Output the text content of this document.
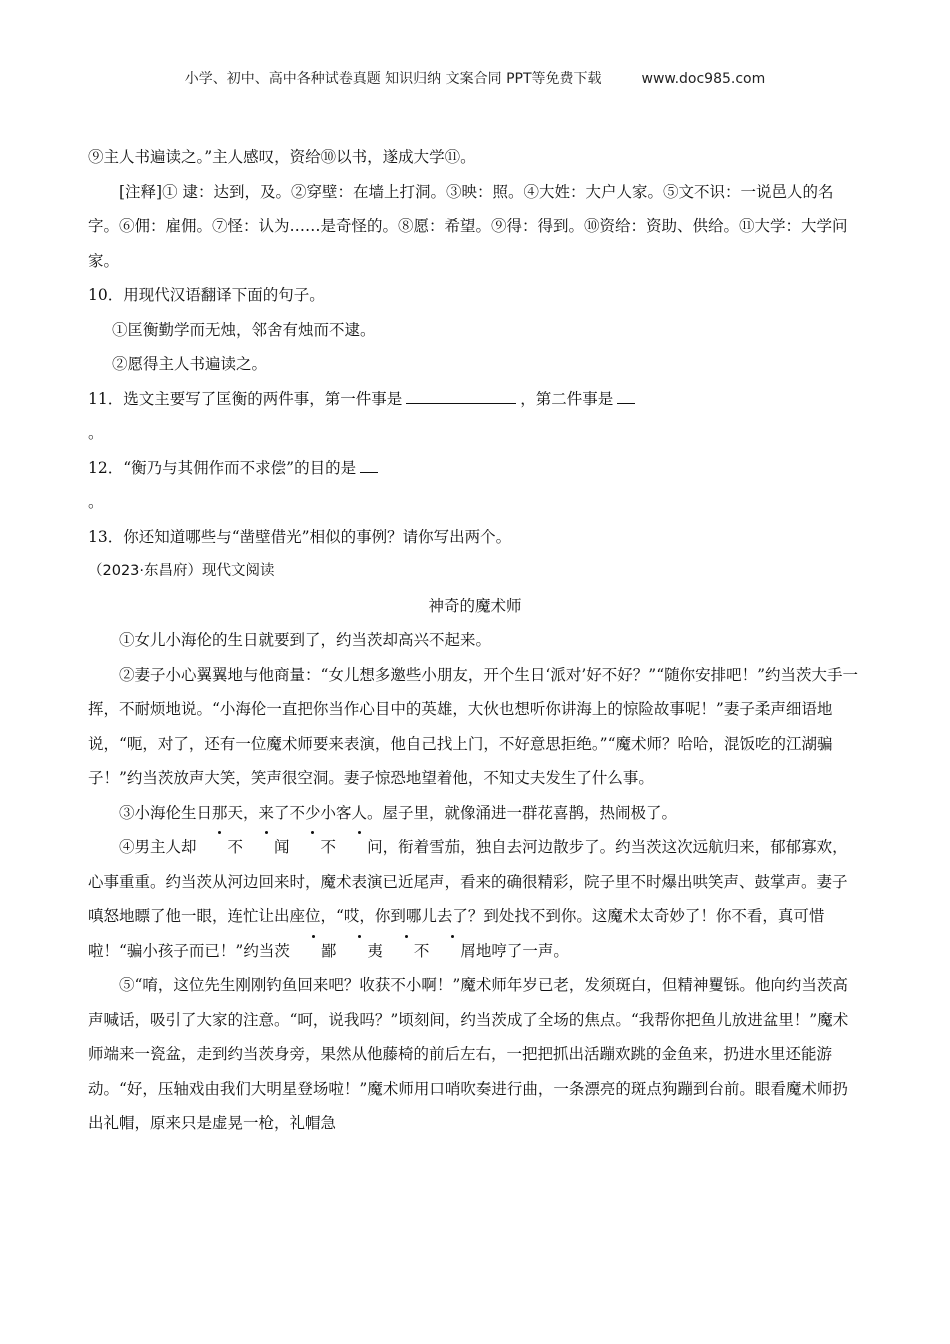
小学、初中、高中各种试卷真题 知识归纳 文案合同 PPT等免费下载	www.doc985.com

⑨主人书遍读之。”主人感叹，资给⑩以书，遂成大学⑪。

[注释]① 逮：达到，及。②穿壁：在墙上打洞。③映：照。④大姓：大户人家。⑤文不识：一说邑人的名字。⑥佣：雇佣。⑦怪：认为……是奇怪的。⑧愿：希望。⑨得：得到。⑩资给：资助、供给。⑪大学：大学问家。

10．用现代汉语翻译下面的句子。

①匡衡勤学而无烛，邻舍有烛而不逮。

②愿得主人书遍读之。

11．选文主要写了匡衡的两件事，第一件事是	，第二件事是

。

12．“衡乃与其佣作而不求偿”的目的是

。

13．你还知道哪些与“凿壁借光”相似的事例？请你写出两个。

（2023·东昌府）现代文阅读

神奇的魔术师

①女儿小海伦的生日就要到了，约当茨却高兴不起来。

②妻子小心翼翼地与他商量：“女儿想多邀些小朋友，开个生日‘派对’好不好？”“随你安排吧！”约当茨大手一挥，不耐烦地说。“小海伦一直把你当作心目中的英雄，大伙也想听你讲海上的惊险故事呢！”妻子柔声细语地说，“呃，对了，还有一位魔术师要来表演，他自己找上门，不好意思拒绝。”“魔术师？哈哈，混饭吃的江湖骗子！”约当茨放声大笑，笑声很空洞。妻子惊恐地望着他，不知丈夫发生了什么事。

③小海伦生日那天，来了不少小客人。屋子里，就像涌进一群花喜鹊，热闹极了。

④男主人却 不 闻 不 问，衔着雪茄，独自去河边散步了。约当茨这次远航归来，郁郁寡欢，心事重重。约当茨从河边回来时，魔术表演已近尾声，看来的确很精彩，院子里不时爆出哄笑声、鼓掌声。妻子嗔怒地瞟了他一眼，连忙让出座位，“哎，你到哪儿去了？到处找不到你。这魔术太奇妙了！你不看，真可惜啦！“骗小孩子而已！”约当茨 鄙 夷 不 屑地哼了一声。

⑤“唷，这位先生刚刚钓鱼回来吧？收获不小啊！”魔术师年岁已老，发须斑白，但精神矍铄。他向约当茨高声喊话，吸引了大家的注意。“呵，说我吗？”顷刻间，约当茨成了全场的焦点。“我帮你把鱼儿放进盆里！”魔术师端来一瓷盆，走到约当茨身旁，果然从他藤椅的前后左右，一把把抓出活蹦欢跳的金鱼来，扔进水里还能游动。“好，压轴戏由我们大明星登场啦！”魔术师用口哨吹奏进行曲，一条漂亮的斑点狗蹦到台前。眼看魔术师扔出礼帽，原来只是虚晃一枪，礼帽急
